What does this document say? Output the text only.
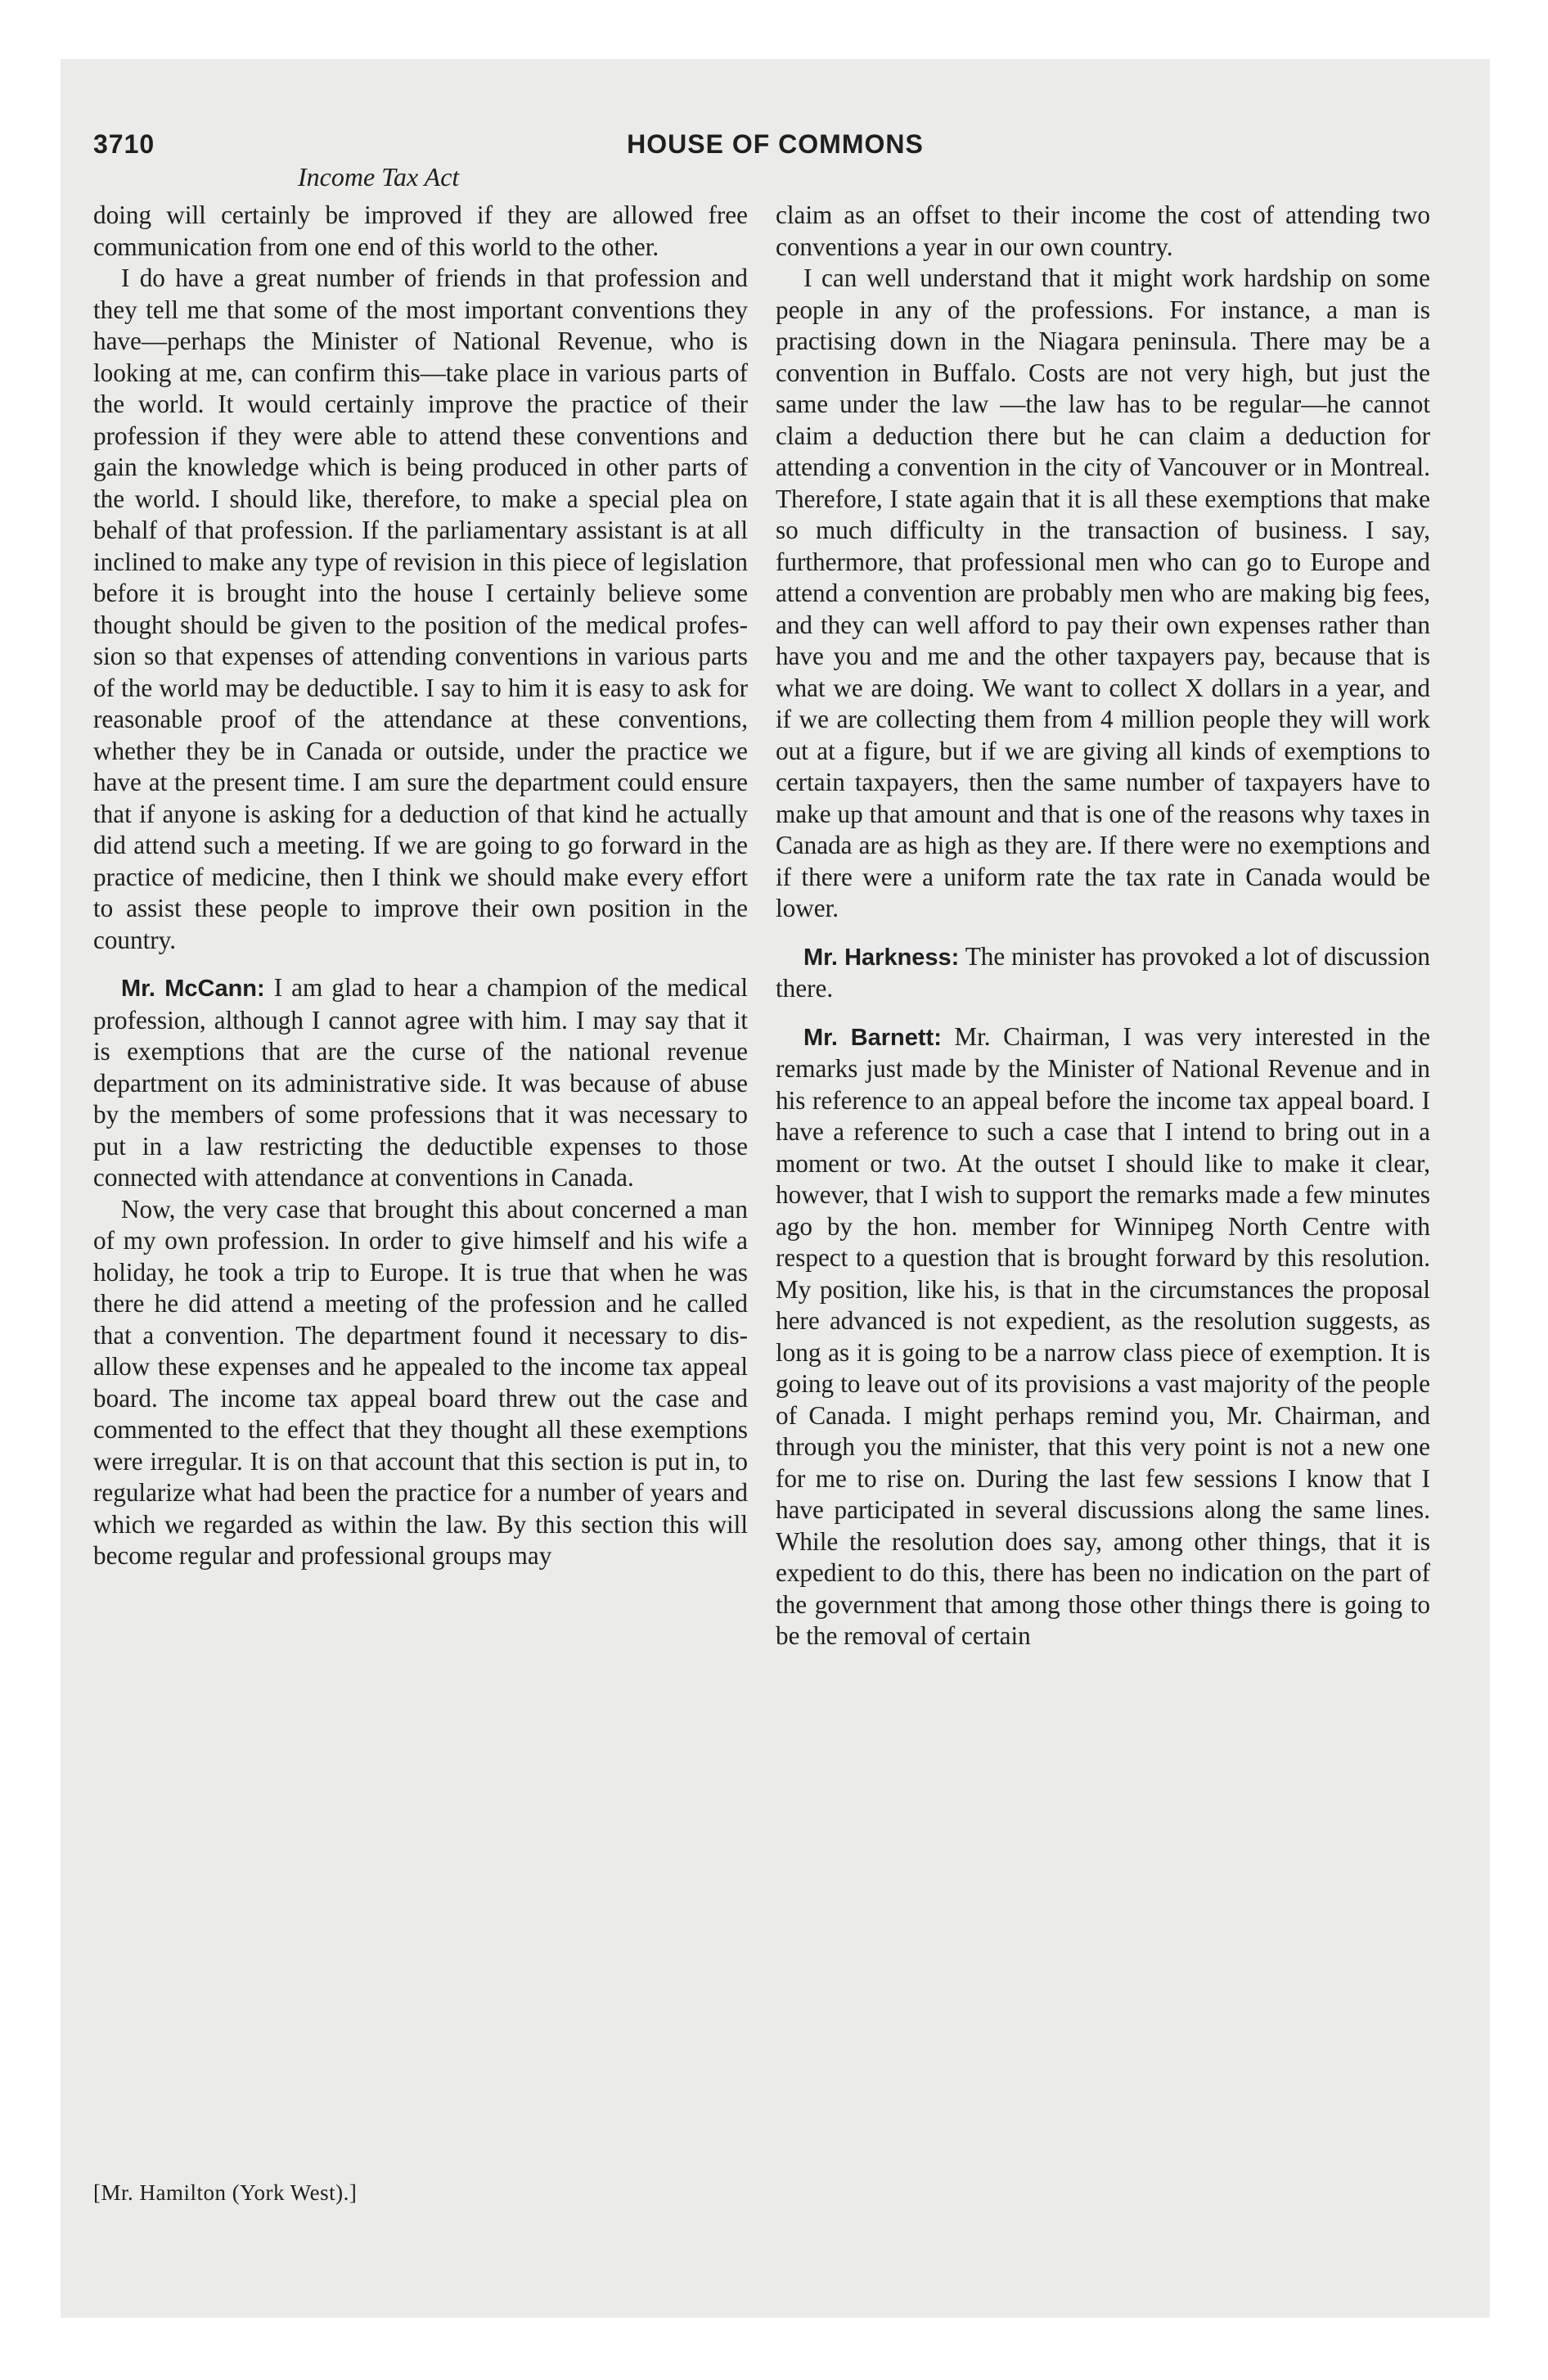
3710	HOUSE OF COMMONS
Income Tax Act

doing will certainly be improved if they are allowed free communication from one end of this world to the other.

I do have a great number of friends in that profession and they tell me that some of the most important conventions they have—perhaps the Minister of National Revenue, who is looking at me, can confirm this—take place in various parts of the world. It would certainly improve the practice of their profession if they were able to attend these conventions and gain the knowledge which is being produced in other parts of the world. I should like, therefore, to make a special plea on behalf of that profession. If the parliamentary assistant is at all inclined to make any type of revision in this piece of legislation before it is brought into the house I certainly believe some thought should be given to the position of the medical profession so that expenses of attending conventions in various parts of the world may be deductible. I say to him it is easy to ask for reasonable proof of the attendance at these conventions, whether they be in Canada or outside, under the practice we have at the present time. I am sure the department could ensure that if anyone is asking for a deduction of that kind he actually did attend such a meeting. If we are going to go forward in the practice of medicine, then I think we should make every effort to assist these people to improve their own position in the country.

Mr. McCann: I am glad to hear a champion of the medical profession, although I cannot agree with him. I may say that it is exemptions that are the curse of the national revenue department on its administrative side. It was because of abuse by the members of some professions that it was necessary to put in a law restricting the deductible expenses to those connected with attendance at conventions in Canada.

Now, the very case that brought this about concerned a man of my own profession. In order to give himself and his wife a holiday, he took a trip to Europe. It is true that when he was there he did attend a meeting of the profession and he called that a convention. The department found it necessary to disallow these expenses and he appealed to the income tax appeal board. The income tax appeal board threw out the case and commented to the effect that they thought all these exemptions were irregular. It is on that account that this section is put in, to regularize what had been the practice for a number of years and which we regarded as within the law. By this section this will become regular and professional groups may

claim as an offset to their income the cost of attending two conventions a year in our own country.

I can well understand that it might work hardship on some people in any of the professions. For instance, a man is practising down in the Niagara peninsula. There may be a convention in Buffalo. Costs are not very high, but just the same under the law —the law has to be regular—he cannot claim a deduction there but he can claim a deduction for attending a convention in the city of Vancouver or in Montreal. Therefore, I state again that it is all these exemptions that make so much difficulty in the transaction of business. I say, furthermore, that professional men who can go to Europe and attend a convention are probably men who are making big fees, and they can well afford to pay their own expenses rather than have you and me and the other taxpayers pay, because that is what we are doing. We want to collect X dollars in a year, and if we are collecting them from 4 million people they will work out at a figure, but if we are giving all kinds of exemptions to certain taxpayers, then the same number of taxpayers have to make up that amount and that is one of the reasons why taxes in Canada are as high as they are. If there were no exemptions and if there were a uniform rate the tax rate in Canada would be lower.

Mr. Harkness: The minister has provoked a lot of discussion there.

Mr. Barnett: Mr. Chairman, I was very interested in the remarks just made by the Minister of National Revenue and in his reference to an appeal before the income tax appeal board. I have a reference to such a case that I intend to bring out in a moment or two. At the outset I should like to make it clear, however, that I wish to support the remarks made a few minutes ago by the hon. member for Winnipeg North Centre with respect to a question that is brought forward by this resolution. My position, like his, is that in the circumstances the proposal here advanced is not expedient, as the resolution suggests, as long as it is going to be a narrow class piece of exemption. It is going to leave out of its provisions a vast majority of the people of Canada. I might perhaps remind you, Mr. Chairman, and through you the minister, that this very point is not a new one for me to rise on. During the last few sessions I know that I have participated in several discussions along the same lines. While the resolution does say, among other things, that it is expedient to do this, there has been no indication on the part of the government that among those other things there is going to be the removal of certain

[Mr. Hamilton (York West).]
